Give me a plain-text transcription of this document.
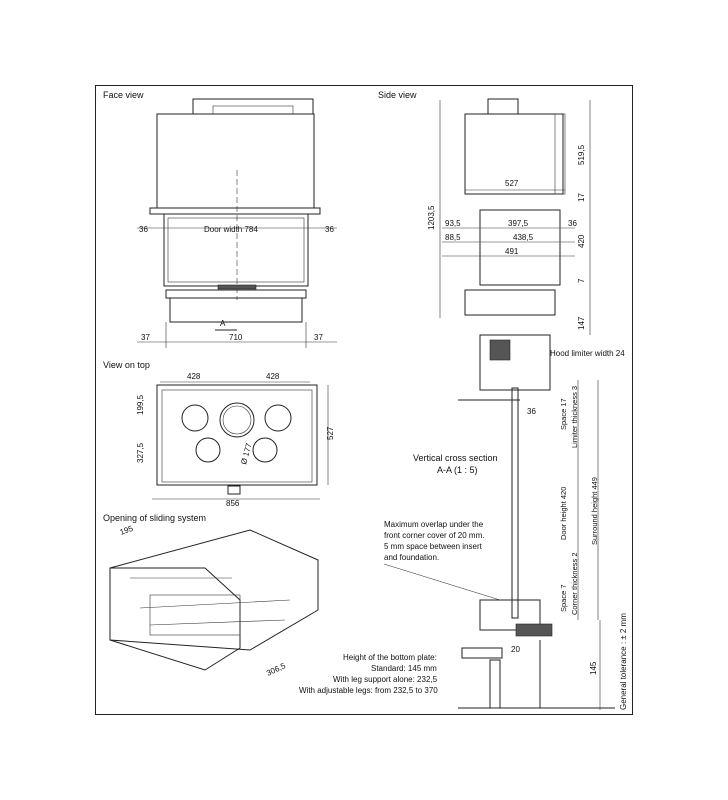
Face view
Door width 784
36	36
A
37	710	37
Side view
527
93,5	397,5	36
88,5	438,5
491
1203,5
519,5
17
420
7
147
View on top
428	428
Ø 177
199,5
327,5
527
856
Opening of sliding system
195
306,5
Hood limiter width 24
36	Space 17 Limiter thickness 3
Door height 420	Surround height 449
Space 7 Corner thickness 2
Vertical cross section
A-A (1 : 5)
Maximum overlap under the
front corner cover of 20 mm.
5 mm space between insert
and foundation.
20
145	General tolerance : ± 2 mm
Height of the bottom plate:
Standard: 145 mm
With leg support alone: 232,5
With adjustable legs: from 232,5 to 370
